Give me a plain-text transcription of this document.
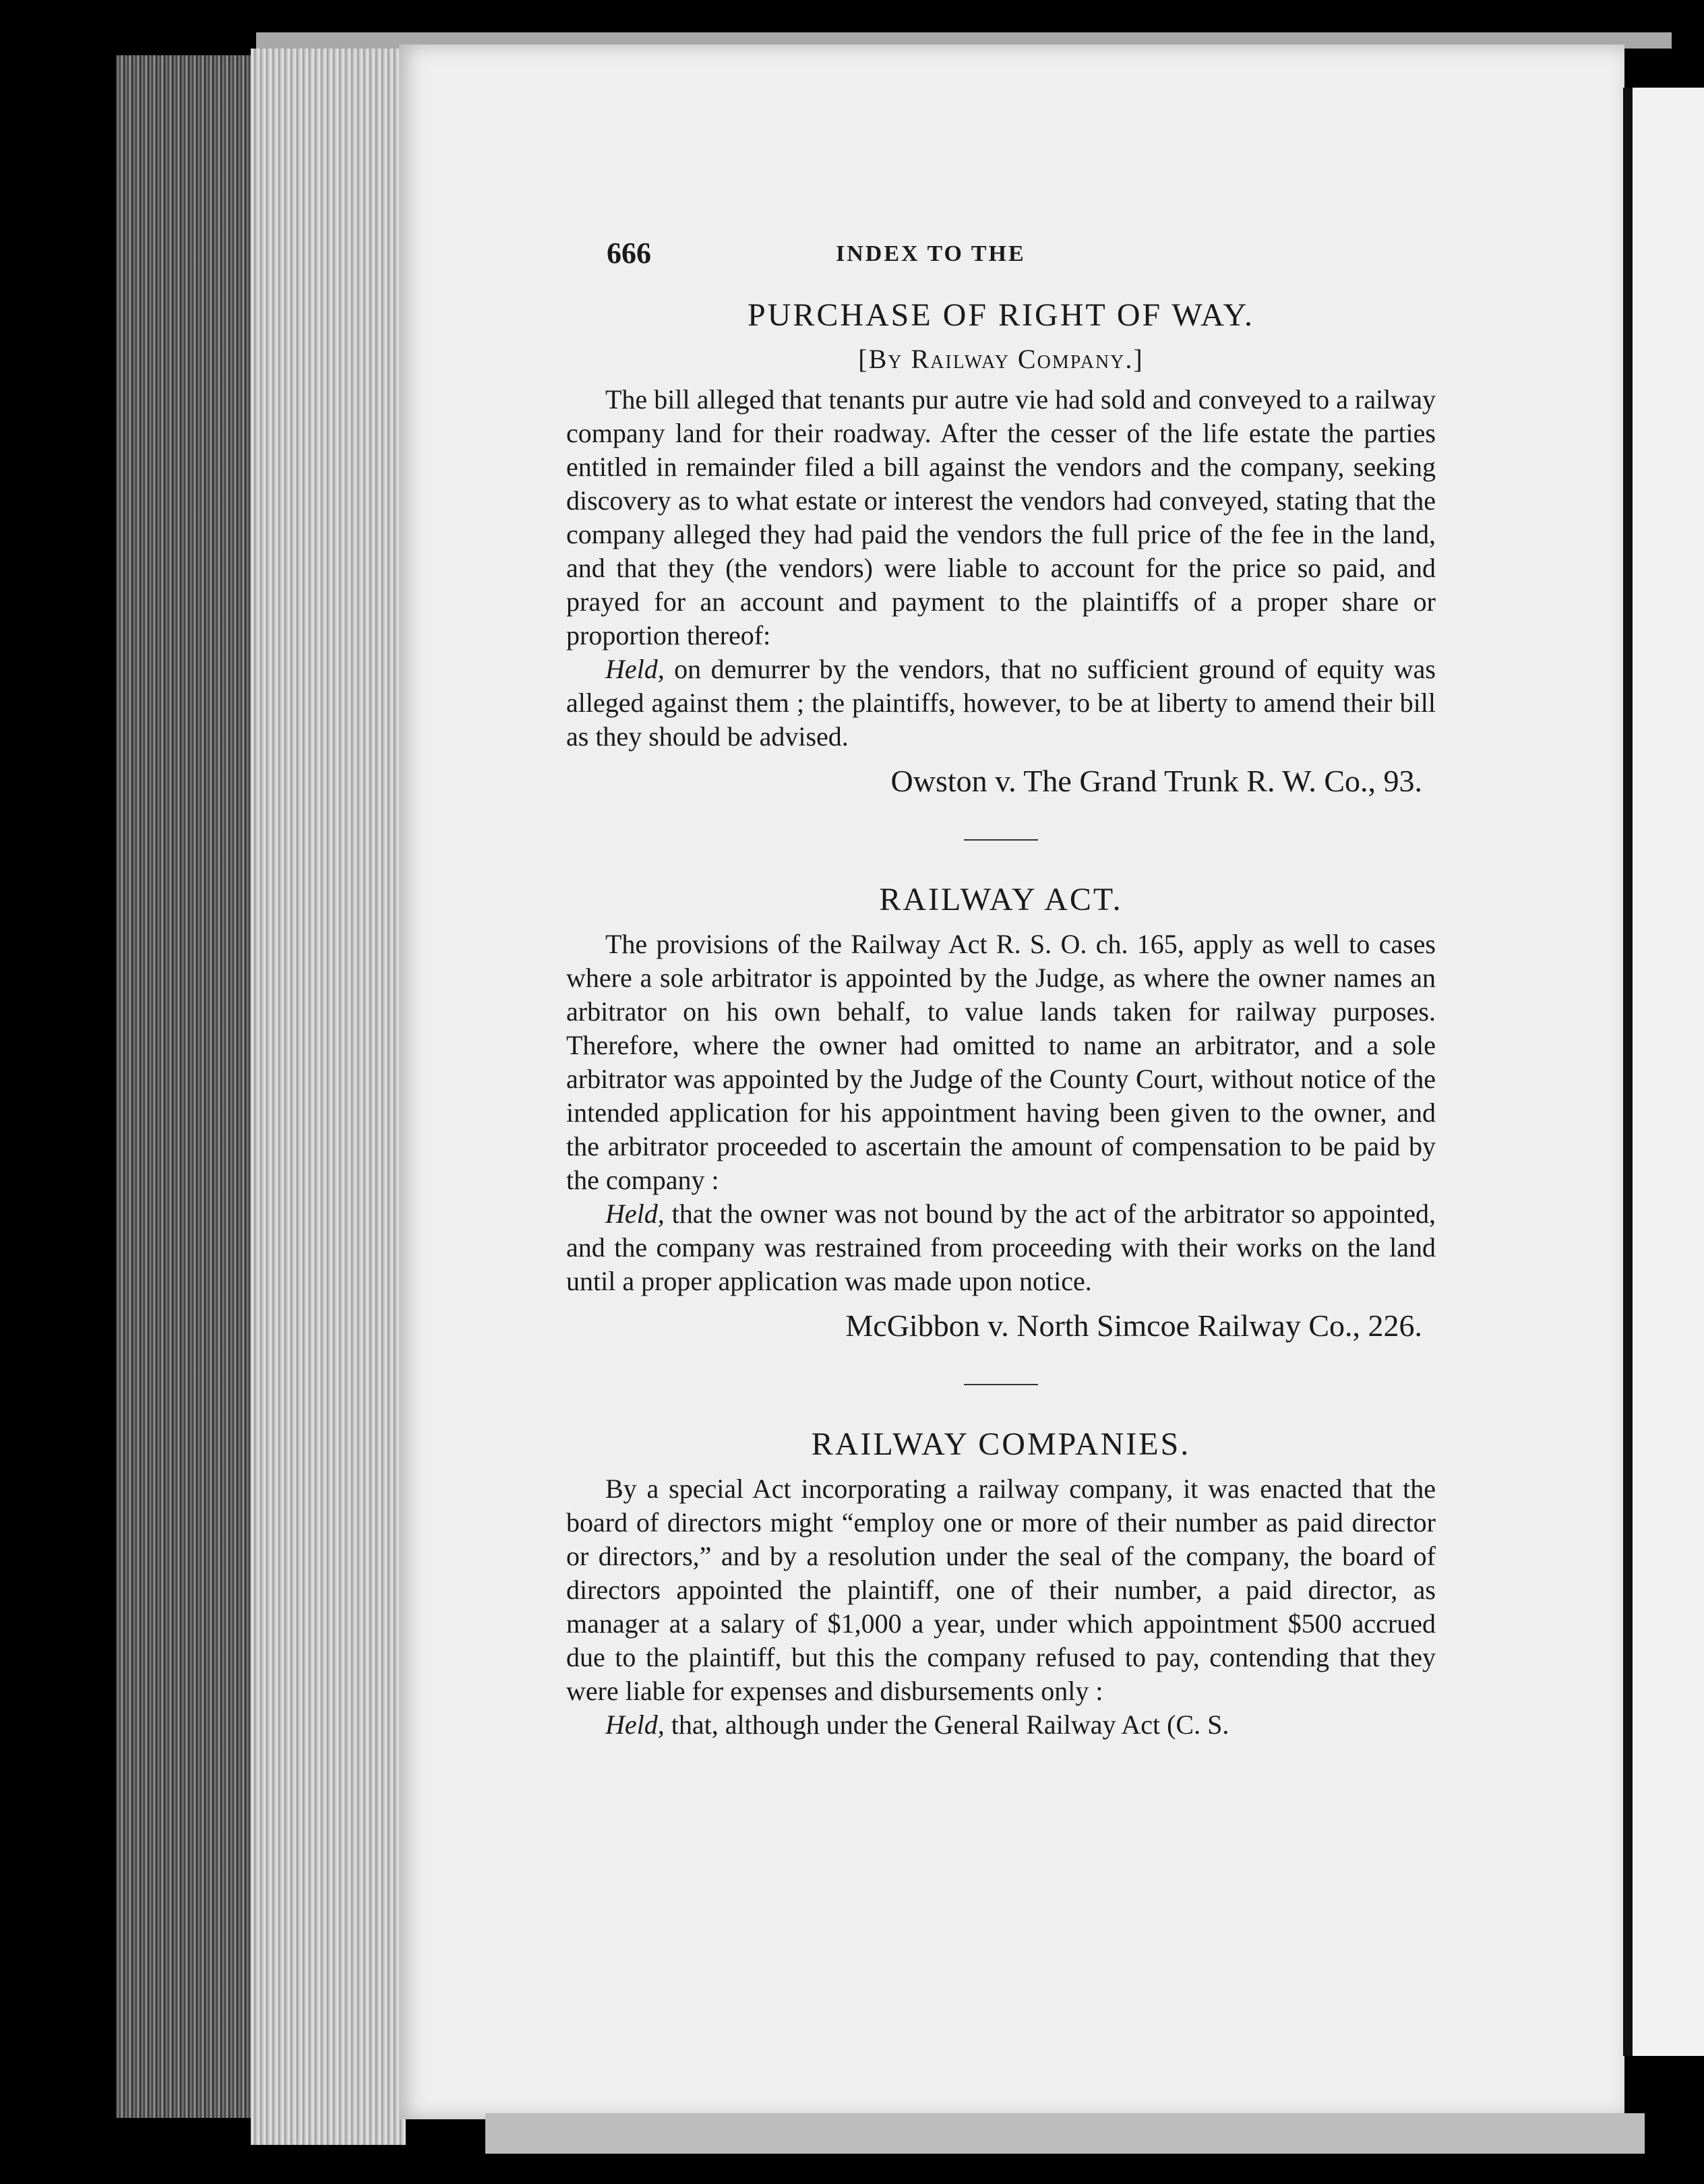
666	INDEX TO THE
PURCHASE OF RIGHT OF WAY.
[By Railway Company.]

The bill alleged that tenants pur autre vie had sold and conveyed to a railway company land for their roadway. After the cesser of the life estate the parties entitled in remainder filed a bill against the vendors and the company, seeking discovery as to what estate or interest the vendors had conveyed, stating that the company alleged they had paid the vendors the full price of the fee in the land, and that they (the vendors) were liable to account for the price so paid, and prayed for an account and payment to the plaintiffs of a proper share or proportion thereof:

Held, on demurrer by the vendors, that no sufficient ground of equity was alleged against them ; the plaintiffs, however, to be at liberty to amend their bill as they should be advised.

Owston v. The Grand Trunk R. W. Co., 93.
RAILWAY ACT.

The provisions of the Railway Act R. S. O. ch. 165, apply as well to cases where a sole arbitrator is appointed by the Judge, as where the owner names an arbitrator on his own behalf, to value lands taken for railway purposes. Therefore, where the owner had omitted to name an arbitrator, and a sole arbitrator was appointed by the Judge of the County Court, without notice of the intended application for his appointment having been given to the owner, and the arbitrator proceeded to ascertain the amount of compensation to be paid by the company :

Held, that the owner was not bound by the act of the arbitrator so appointed, and the company was restrained from proceeding with their works on the land until a proper application was made upon notice.

McGibbon v. North Simcoe Railway Co., 226.
RAILWAY COMPANIES.

By a special Act incorporating a railway company, it was enacted that the board of directors might “employ one or more of their number as paid director or directors,” and by a resolution under the seal of the company, the board of directors appointed the plaintiff, one of their number, a paid director, as manager at a salary of $1,000 a year, under which appointment $500 accrued due to the plaintiff, but this the company refused to pay, contending that they were liable for expenses and disbursements only :

Held, that, although under the General Railway Act (C. S.
